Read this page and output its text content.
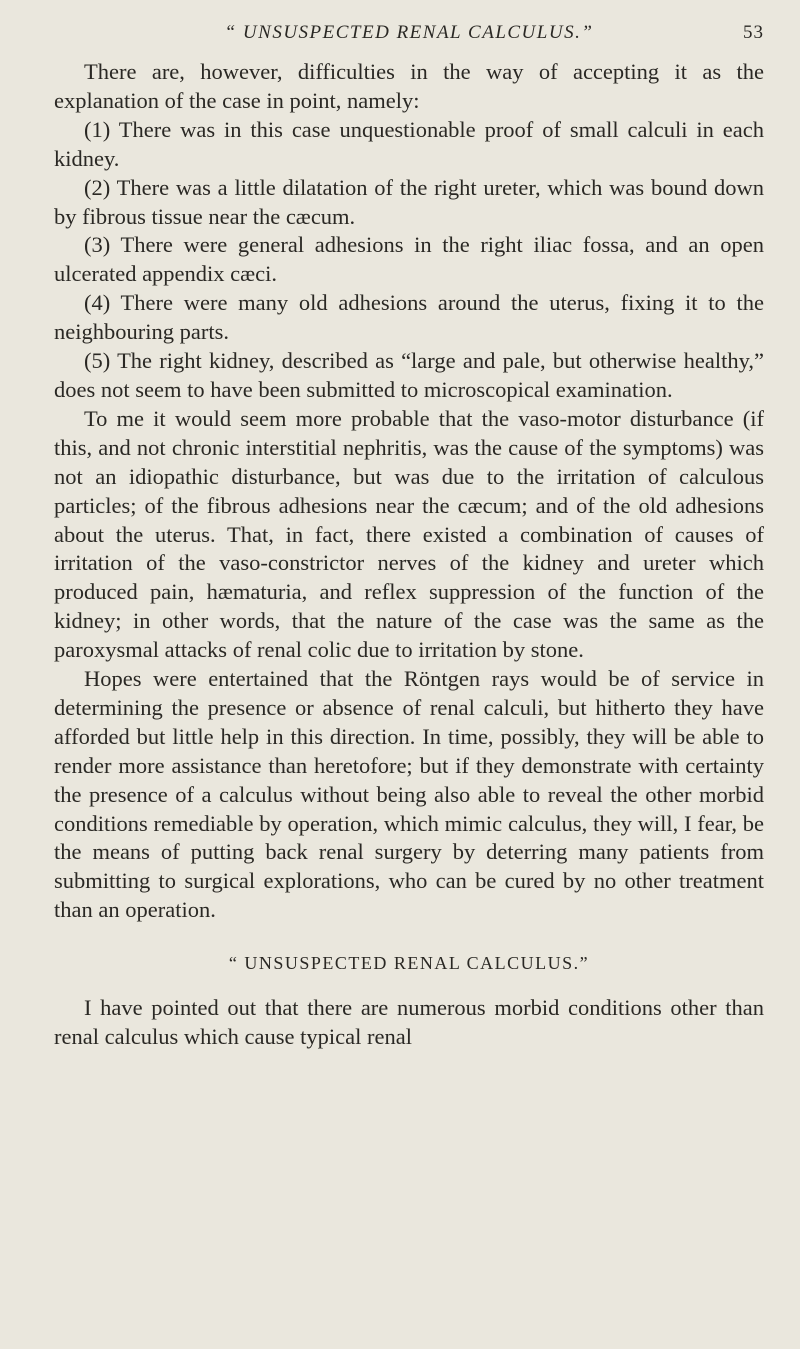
“ UNSUSPECTED RENAL CALCULUS.”	53

There are, however, difficulties in the way of accepting it as the explanation of the case in point, namely:

(1) There was in this case unquestionable proof of small calculi in each kidney.

(2) There was a little dilatation of the right ureter, which was bound down by fibrous tissue near the cæcum.

(3) There were general adhesions in the right iliac fossa, and an open ulcerated appendix cæci.

(4) There were many old adhesions around the uterus, fixing it to the neighbouring parts.

(5) The right kidney, described as “large and pale, but otherwise healthy,” does not seem to have been submitted to microscopical examination.

To me it would seem more probable that the vaso-motor disturbance (if this, and not chronic interstitial nephritis, was the cause of the symptoms) was not an idiopathic disturbance, but was due to the irritation of calculous particles; of the fibrous adhesions near the cæcum; and of the old adhesions about the uterus. That, in fact, there existed a combination of causes of irritation of the vaso-constrictor nerves of the kidney and ureter which produced pain, hæmaturia, and reflex suppression of the function of the kidney; in other words, that the nature of the case was the same as the paroxysmal attacks of renal colic due to irritation by stone.

Hopes were entertained that the Röntgen rays would be of service in determining the presence or absence of renal calculi, but hitherto they have afforded but little help in this direction. In time, possibly, they will be able to render more assistance than heretofore; but if they demonstrate with certainty the presence of a calculus without being also able to reveal the other morbid conditions remediable by operation, which mimic calculus, they will, I fear, be the means of putting back renal surgery by deterring many patients from submitting to surgical explorations, who can be cured by no other treatment than an operation.

“ UNSUSPECTED RENAL CALCULUS.”

I have pointed out that there are numerous morbid conditions other than renal calculus which cause typical renal
